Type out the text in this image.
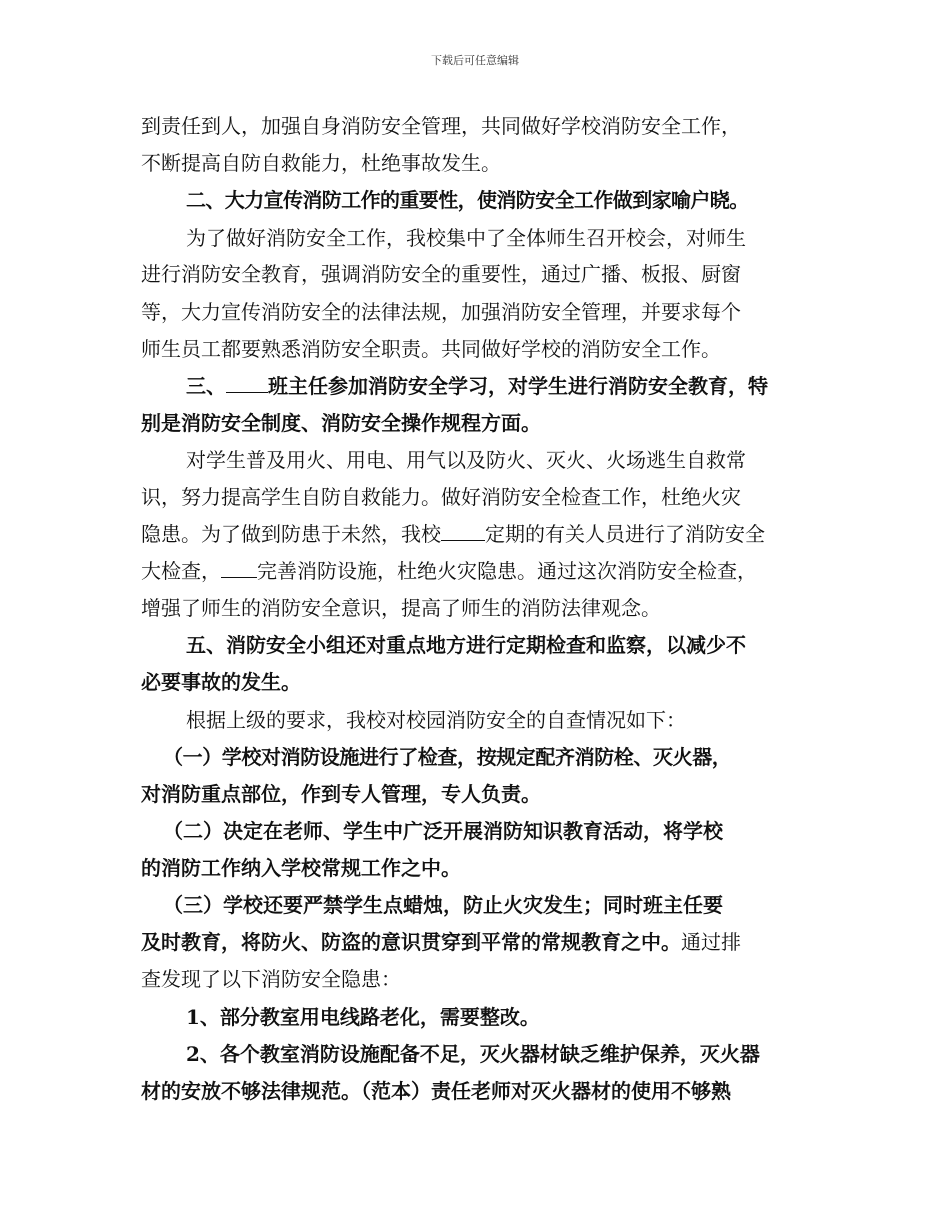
下载后可任意编辑
到责任到人，加强自身消防安全管理，共同做好学校消防安全工作，
不断提高自防自救能力，杜绝事故发生。
二、大力宣传消防工作的重要性，使消防安全工作做到家喻户晓。
为了做好消防安全工作，我校集中了全体师生召开校会，对师生
进行消防安全教育，强调消防安全的重要性，通过广播、板报、厨窗
等，大力宣传消防安全的法律法规，加强消防安全管理，并要求每个
师生员工都要熟悉消防安全职责。共同做好学校的消防安全工作。
三、 班主任参加消防安全学习，对学生进行消防安全教育，特
别是消防安全制度、消防安全操作规程方面。
对学生普及用火、用电、用气以及防火、灭火、火场逃生自救常
识，努力提高学生自防自救能力。做好消防安全检查工作，杜绝火灾
隐患。为了做到防患于未然，我校 定期的有关人员进行了消防安全
大检查， 完善消防设施，杜绝火灾隐患。通过这次消防安全检查，
增强了师生的消防安全意识，提高了师生的消防法律观念。
五、消防安全小组还对重点地方进行定期检查和监察，以减少不
必要事故的发生。
根据上级的要求，我校对校园消防安全的自查情况如下：
（一）学校对消防设施进行了检查，按规定配齐消防栓、灭火器，
对消防重点部位，作到专人管理，专人负责。
（二）决定在老师、学生中广泛开展消防知识教育活动，将学校
的消防工作纳入学校常规工作之中。
（三）学校还要严禁学生点蜡烛，防止火灾发生；同时班主任要
及时教育，将防火、防盗的意识贯穿到平常的常规教育之中。通过排
查发现了以下消防安全隐患：
1、部分教室用电线路老化，需要整改。
2、各个教室消防设施配备不足，灭火器材缺乏维护保养，灭火器
材的安放不够法律规范。（范本）责任老师对灭火器材的使用不够熟
